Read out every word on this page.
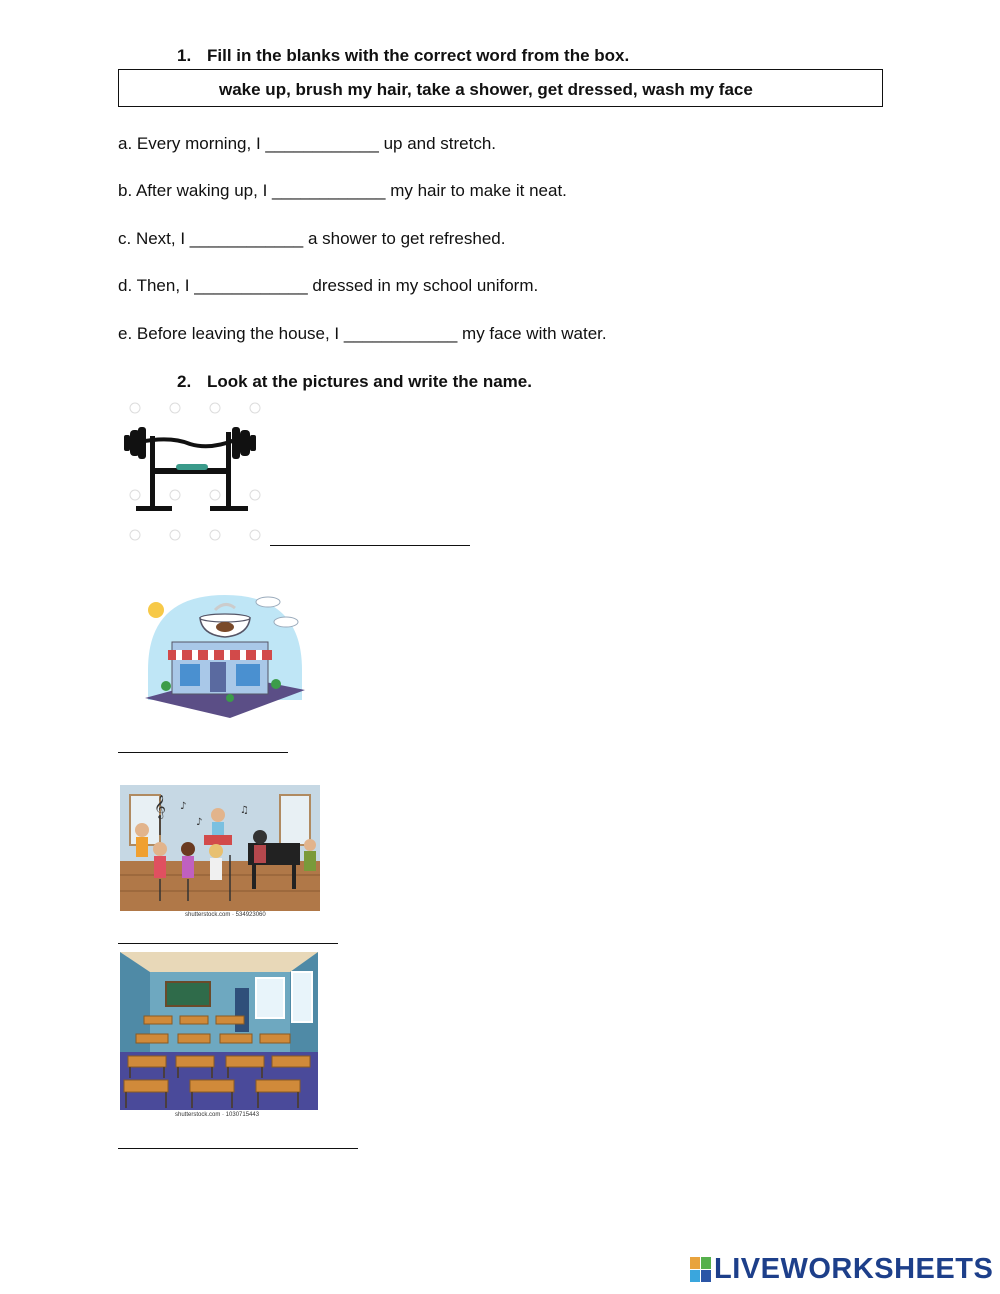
1. Fill in the blanks with the correct word from the box.
wake up, brush my hair, take a shower, get dressed, wash my face
a. Every morning, I ____________ up and stretch.
b. After waking up, I ____________ my hair to make it neat.
c. Next, I ____________ a shower to get refreshed.
d. Then, I ____________ dressed in my school uniform.
e. Before leaving the house, I ____________ my face with water.
2. Look at the pictures and write the name.
𝄞 ♪	♫
♪
shutterstock.com · 534923060
shutterstock.com · 1030715443
LIVEWORKSHEETS
